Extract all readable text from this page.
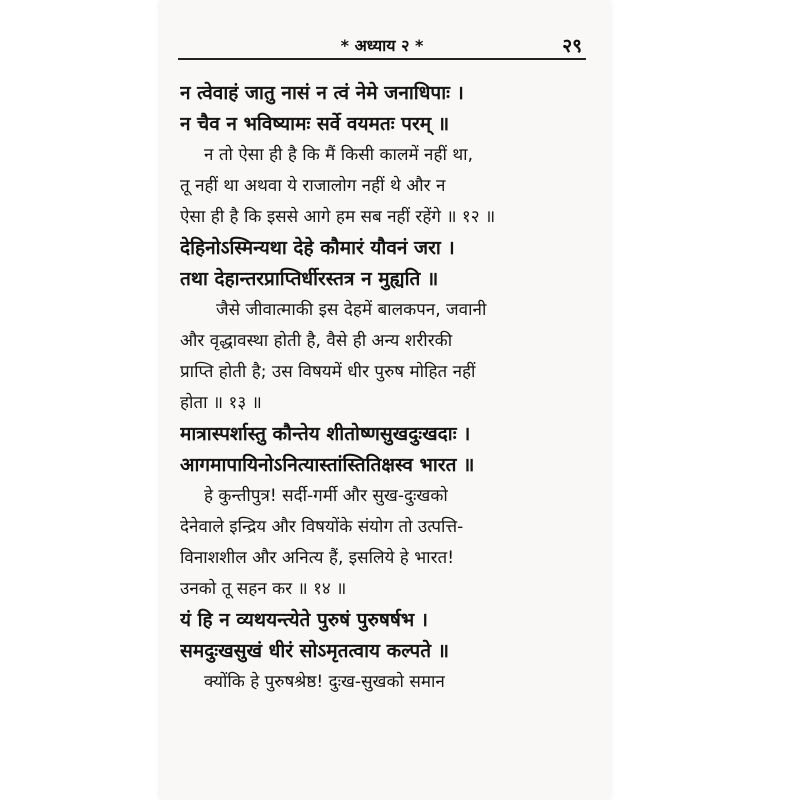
* अध्याय २ *	२९
न त्वेवाहं जातु नासं न त्वं नेमे जनाधिपाः ।
न चैव न भविष्यामः सर्वे वयमतः परम् ॥
न तो ऐसा ही है कि मैं किसी कालमें नहीं था,
तू नहीं था अथवा ये राजालोग नहीं थे और न
ऐसा ही है कि इससे आगे हम सब नहीं रहेंगे ॥ १२ ॥
देहिनोऽस्मिन्यथा देहे कौमारं यौवनं जरा ।
तथा देहान्तरप्राप्तिर्धीरस्तत्र न मुह्यति ॥
जैसे जीवात्माकी इस देहमें बालकपन, जवानी
और वृद्धावस्था होती है, वैसे ही अन्य शरीरकी
प्राप्ति होती है; उस विषयमें धीर पुरुष मोहित नहीं
होता ॥ १३ ॥
मात्रास्पर्शास्तु कौन्तेय शीतोष्णसुखदुःखदाः ।
आगमापायिनोऽनित्यास्तांस्तितिक्षस्व भारत ॥
हे कुन्तीपुत्र! सर्दी-गर्मी और सुख-दुःखको
देनेवाले इन्द्रिय और विषयोंके संयोग तो उत्पत्ति-
विनाशशील और अनित्य हैं, इसलिये हे भारत!
उनको तू सहन कर ॥ १४ ॥
यं हि न व्यथयन्त्येते पुरुषं पुरुषर्षभ ।
समदुःखसुखं धीरं सोऽमृतत्वाय कल्पते ॥
क्योंकि हे पुरुषश्रेष्ठ! दुःख-सुखको समान
